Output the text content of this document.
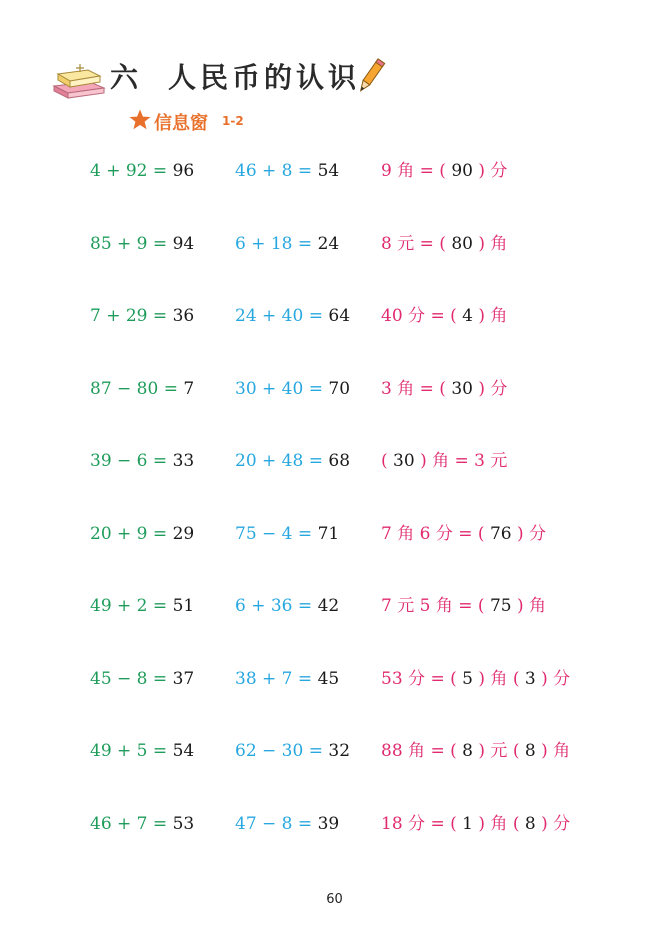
六 人民币的认识
信息窗 1-2
4 + 92 = 96 46 + 8 = 54 9 角 = ( 90 ) 分
85 + 9 = 94 6 + 18 = 24 8 元 = ( 80 ) 角
7 + 29 = 36 24 + 40 = 64 40 分 = ( 4 ) 角
87 − 80 = 7 30 + 40 = 70 3 角 = ( 30 ) 分
39 − 6 = 33 20 + 48 = 68 ( 30 ) 角 = 3 元
20 + 9 = 29 75 − 4 = 71 7 角 6 分 = ( 76 ) 分
49 + 2 = 51 6 + 36 = 42 7 元 5 角 = ( 75 ) 角
45 − 8 = 37 38 + 7 = 45 53 分 = ( 5 ) 角 ( 3 ) 分
49 + 5 = 54 62 − 30 = 32 88 角 = ( 8 ) 元 ( 8 ) 角
46 + 7 = 53 47 − 8 = 39 18 分 = ( 1 ) 角 ( 8 ) 分
60
